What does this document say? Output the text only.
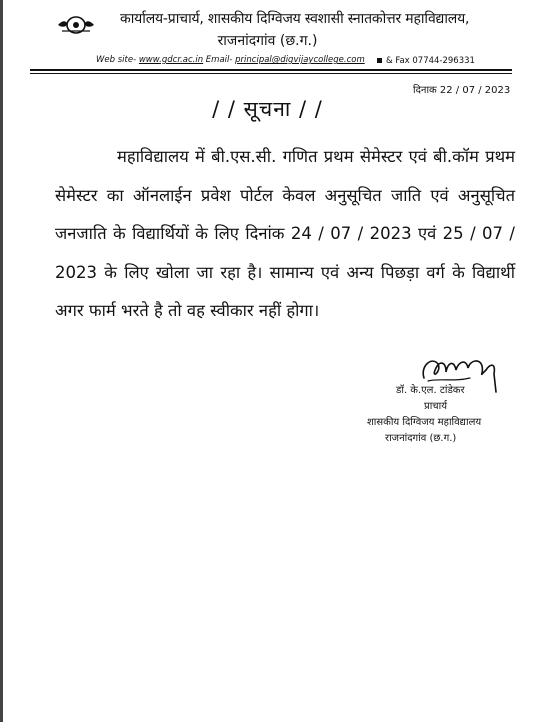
कार्यालय-प्राचार्य, शासकीय दिग्विजय स्वशासी स्नातकोत्तर महाविद्यालय,
राजनांदगांव (छ.ग.)
Web site- www.gdcr.ac.in Email- principal@digvijaycollege.com	& Fax 07744-296331
दिनाक 22 / 07 / 2023
/ / सूचना / /
महाविद्यालय में बी.एस.सी. गणित प्रथम सेमेस्टर एवं बी.कॉम प्रथम सेमेस्टर का ऑनलाईन प्रवेश पोर्टल केवल अनुसूचित जाति एवं अनुसूचित जनजाति के विद्यार्थियों के लिए दिनांक 24 / 07 / 2023 एवं 25 / 07 / 2023 के लिए खोला जा रहा है। सामान्य एवं अन्य पिछड़ा वर्ग के विद्यार्थी अगर फार्म भरते है तो वह स्वीकार नहीं होगा।
डॉ. के.एल. टांडेकर
प्राचार्य
शासकीय दिग्विजय महाविद्यालय
राजनांदगांव (छ.ग.)
